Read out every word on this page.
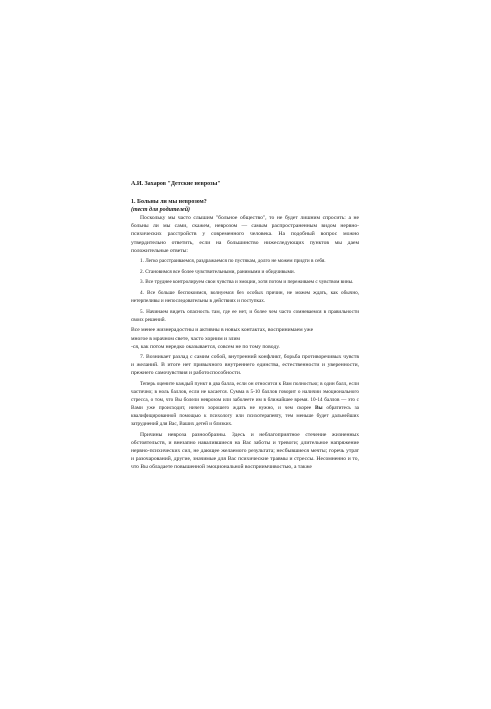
А.И. Захаров "Детские неврозы"
1. Больны ли мы неврозом?
(тест для родителей)

Поскольку мы часто слышим "больное общество", то не будет лишним спросить: а не больны ли мы сами, скажем, неврозом — самым распространенным видом нервно-психических расстройств у современного человека. На подобный вопрос можно утвердительно ответить, если на большинство нижеследующих пунктов мы даем положительные ответы:

1. Легко расстраиваемся, раздражаемся по пустякам, долго не можем придти в себя.

2. Становимся все более чувствительными, ранимыми и обидчивыми.

3. Все труднее контролируем свои чувства и эмоции, хотя потом и переживаем с чувством вины.

4. Все больше беспокоимся, волнуемся без особых причин, не можем ждать, как обычно, нетерпеливы и непоследовательны в действиях и поступках.

5. Начинаем видеть опасность там, где ее нет, и более чем часто сомневаемся в правильности своих решений.

Все менее жизнерадостны и активны в новых контактах, воспринимаем уже
многое в мрачном свете, часто хорним и злим
-ся, как потом нередко оказывается, совсем не по тому поводу.

7. Возникает разлад с самим собой, внутренний конфликт, борьба противоречивых чувств и желаний. В итоге нет привычного внутреннего единства, естественности и уверенности, прежнего самочувствия и работоспособности.

Теперь оцените каждый пункт в два балла, если он относится к Вам полностью; в один балл, если частично; в ноль баллов, если не касается. Сумма в 5-10 баллов говорит о наличии эмоционального стресса, о том, что Вы болели неврозом или заболеете им в ближайшее время. 10-14 баллов — это с Вами уже происходит, ничего хорошего ждать не нужно, и чем скорее Вы обратитесь за квалифицированной помощью к психологу или психотерапевту, тем меньше будет дальнейших затруднений для Вас, Ваших детей и близких.

Причины невроза разнообразны. Здесь и неблагоприятное стечение жизненных обстоятельств, и внезапно навалившиеся на Вас заботы и тревоги; длительное напряжение нервно-психических сил, не дающее желаемого результата; несбывшиеся мечты; горечь утрат и разочарований, другие, значимые для Вас психические травмы и стрессы. Несомненно и то, что Вы обладаете повышенной эмоциональной восприимчивостью, а также
